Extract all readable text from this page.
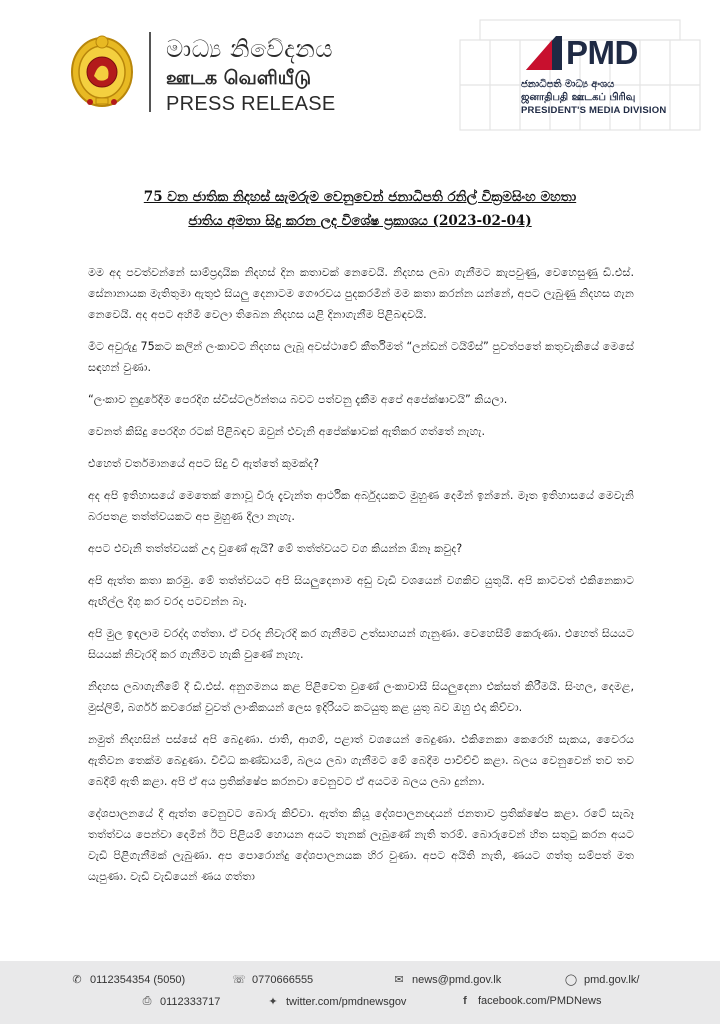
මාධ්‍ය නිවේදනය
ஊடக வெளியீடு
PRESS RELEASE
PMD
ජනාධිපති මාධ්‍ය අංශය
ஜனாதிபதி ஊடகப் பிரிவு
PRESIDENT'S MEDIA DIVISION
75 වන ජාතික නිදහස් සැමරුම වෙනුවෙන් ජනාධිපති රනිල් වික්‍රමසිංහ මහතා
ජාතිය අමතා සිදු කරන ලද විශේෂ ප්‍රකාශය (2023-02-04)

මම අද පවත්වන්නේ සාම්ප්‍රදායික නිදහස් දින කතාවක් නෙවෙයි. නිදහස ලබා ගැනීමට කැපවුණු, වෙහෙසුණු ඩී.එස්. සේනානායක මැතිතුමා ඇතුළු සියලු දෙනාටම ගෞරවය පුදකරමින් මම කතා කරන්න යන්නේ, අපට ලැබුණු නිදහස ගැන නෙවෙයි. අද අපට අහිමි වෙලා තිබෙන නිදහස යළි දිනාගැනීම පිළිබඳවයි.

මීට අවුරුදු 75කට කලින් ලංකාවට නිදහස ලැබූ අවස්ථාවේ කීර්තිමත් “ලන්ඩන් ටයිම්ස්” පුවත්පතේ කතුවැකියේ මෙසේ සඳහන් වුණා.

“ලංකාව නුදුරේදීම පෙරදිග ස්විස්ටර්ලන්තය බවට පත්වනු දැකීම අපේ අපේක්ෂාවයි” කියලා.

වෙනත් කිසිදු පෙරදිග රටක් පිළිබඳව ඔවුන් එවැනි අපේක්ෂාවක් ඇතිකර ගත්තේ නැහැ.

එහෙත් වර්තමානයේ අපට සිදු වී ඇත්තේ කුමක්ද?

අද අපි ඉතිහාසයේ මෙතෙක් නොවූ විරූ දැවැන්ත ආර්ථික අර්බුදයකට මුහුණ දෙමින් ඉන්නේ. මෑත ඉතිහාසයේ මෙවැනි බරපතළ තත්ත්වයකට අප මුහුණ දීලා නැහැ.

අපට එවැනි තත්ත්වයක් උදා වුණේ ඇයි? මේ තත්ත්වයට වග කියන්න ඕනෑ කවුද?

අපි ඇත්ත කතා කරමු. මේ තත්ත්වයට අපි සියලුදෙනාම අඩු වැඩි වශයෙන් වගකිව යුතුයි. අපි කාටවත් එකිනෙකාට ඇඟිල්ල දිගු කර වරද පටවන්න බෑ.

අපි මුල ඉඳලාම වරද්දා ගත්තා. ඒ වරද නිවැරදි කර ගැනීමට උත්සාහයන් ගැනුණා. වෙහෙසීම් කෙරුණා. එහෙත් සියයට සියයක් නිවැරදි කර ගැනීමට හැකි වුණේ නැහැ.

නිදහස ලබාගැනීමේ දී ඩී.එස්. අනුගමනය කළ පිළිවෙත වුණේ ලංකාවාසී සියලුදෙනා එක්සත් කිරීමයි. සිංහල, දෙමළ, මුස්ලිම්, බර්ගර් කවරෙක් වුවත් ලාංකිකයන් ලෙස ඉදිරියට කටයුතු කළ යුතු බව ඔහු එදා කිව්වා.

නමුත් නිදහසින් පස්සේ අපි බෙදුණා. ජාති, ආගම්, පළාත් වශයෙන් බෙදුණා. එකිනෙකා කෙරෙහි සැකය, වෛරය ඇතිවන තෙක්ම බෙදුණා. විවිධ කණ්ඩායම්, බලය ලබා ගැනීමට මේ බෙදීම පාවිච්චි කළා. බලය වෙනුවෙන් තව තව බෙදීම් ඇති කළා. අපි ඒ අය ප්‍රතික්ෂේප කරනවා වෙනුවට ඒ අයටම බලය ලබා දුන්නා.

දේශපාලනයේ දී ඇත්ත වෙනුවට බොරු කිව්වා. ඇත්ත කියූ දේශපාලනඥයන් ජනතාව ප්‍රතික්ෂේප කළා. රටේ සැබෑ තත්ත්වය පෙන්වා දෙමින් ඊට පිළියම් හොයන අයට තැනක් ලැබුණේ නැති තරම්. බොරුවෙන් හිත සතුටු කරන අයට වැඩි පිළිගැනීමක් ලැබුණා. අප පොරොන්දු දේශපාලනයක හිර වුණා. අපට අයිති නැති, ණයට ගත්තු සම්පත් මත යැපුණා. වැඩි වැඩියෙන් ණය ගත්තා

✆ 0112354354 (5050)	☏ 0770666555	✉ news@pmd.gov.lk	◯ pmd.gov.lk/
⎙ 0112333717	✦ twitter.com/pmdnewsgov	f	facebook.com/PMDNews
